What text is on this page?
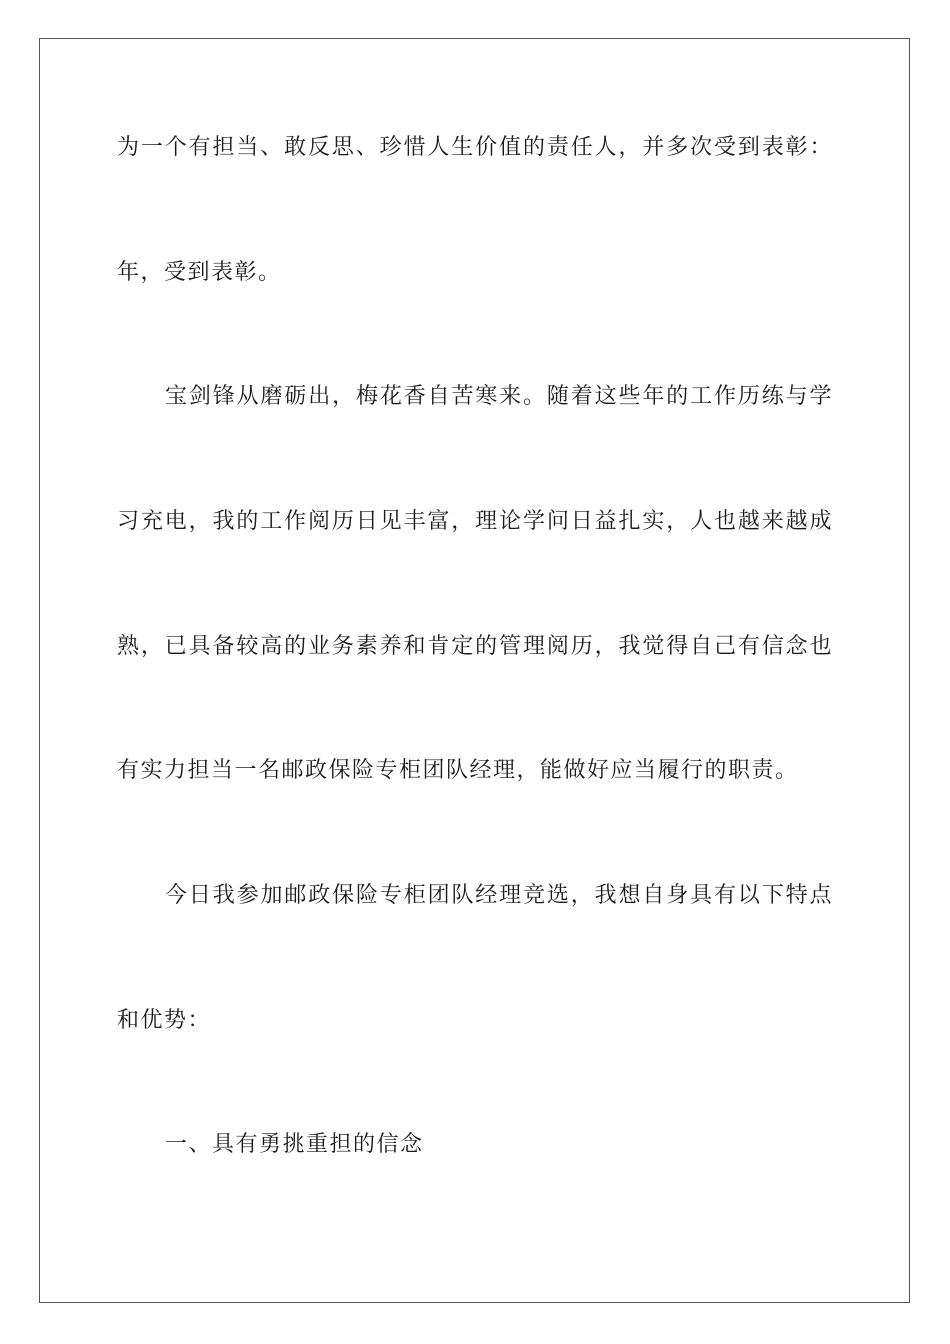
为一个有担当、敢反思、珍惜人生价值的责任人，并多次受到表彰：
年，受到表彰。
宝剑锋从磨砺出，梅花香自苦寒来。随着这些年的工作历练与学
习充电，我的工作阅历日见丰富，理论学问日益扎实，人也越来越成
熟，已具备较高的业务素养和肯定的管理阅历，我觉得自己有信念也
有实力担当一名邮政保险专柜团队经理，能做好应当履行的职责。
今日我参加邮政保险专柜团队经理竞选，我想自身具有以下特点
和优势：
一、具有勇挑重担的信念
